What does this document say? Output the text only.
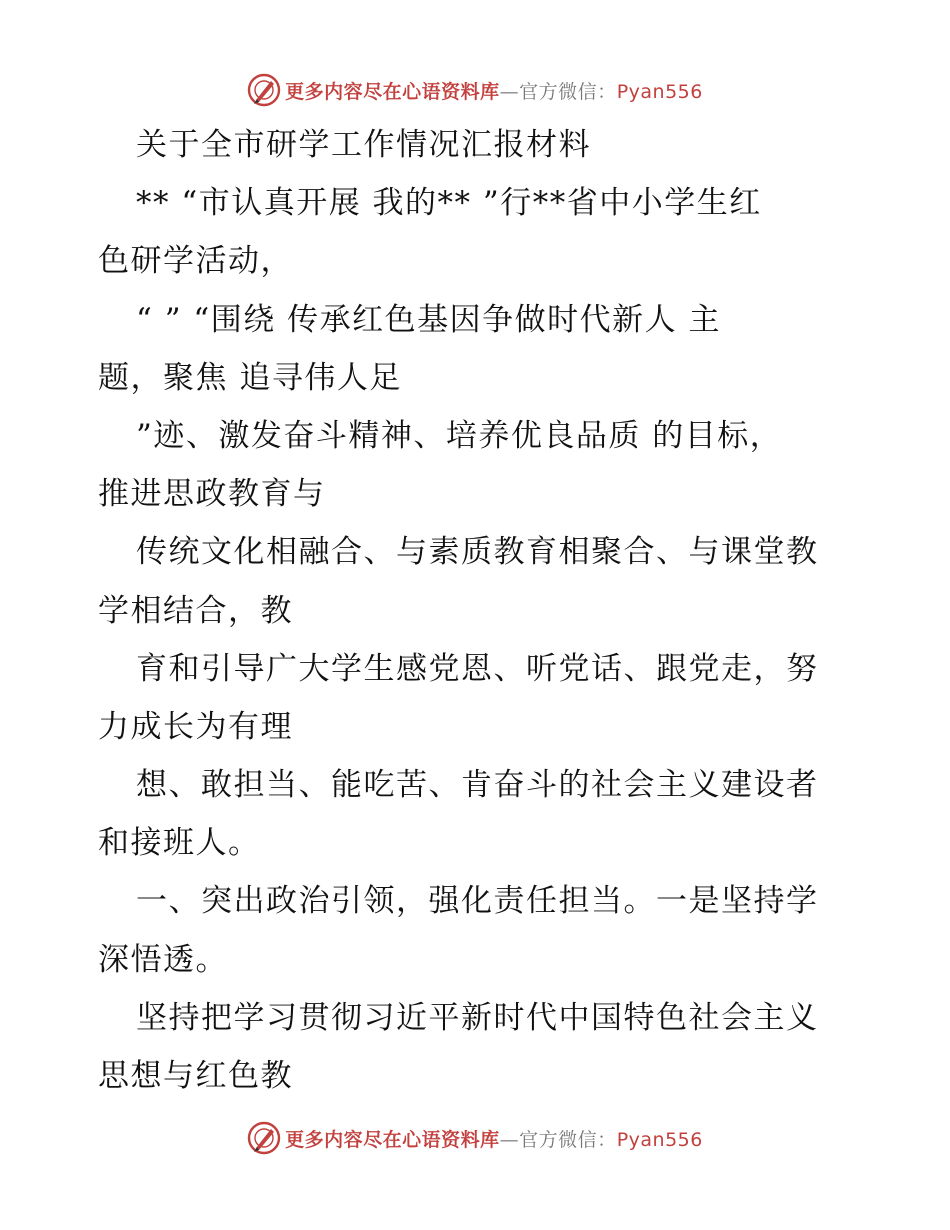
更多内容尽在心语资料库—官方微信：Pyan556
关于全市研学工作情况汇报材料
** “市认真开展 我的** ”行**省中小学生红
色研学活动，
“ ” “围绕 传承红色基因争做时代新人 主
题，聚焦 追寻伟人足
”迹、激发奋斗精神、培养优良品质 的目标，
推进思政教育与
传统文化相融合、与素质教育相聚合、与课堂教
学相结合，教
育和引导广大学生感党恩、听党话、跟党走，努
力成长为有理
想、敢担当、能吃苦、肯奋斗的社会主义建设者
和接班人。
一、突出政治引领，强化责任担当。一是坚持学
深悟透。
坚持把学习贯彻习近平新时代中国特色社会主义
思想与红色教
更多内容尽在心语资料库—官方微信：Pyan556
